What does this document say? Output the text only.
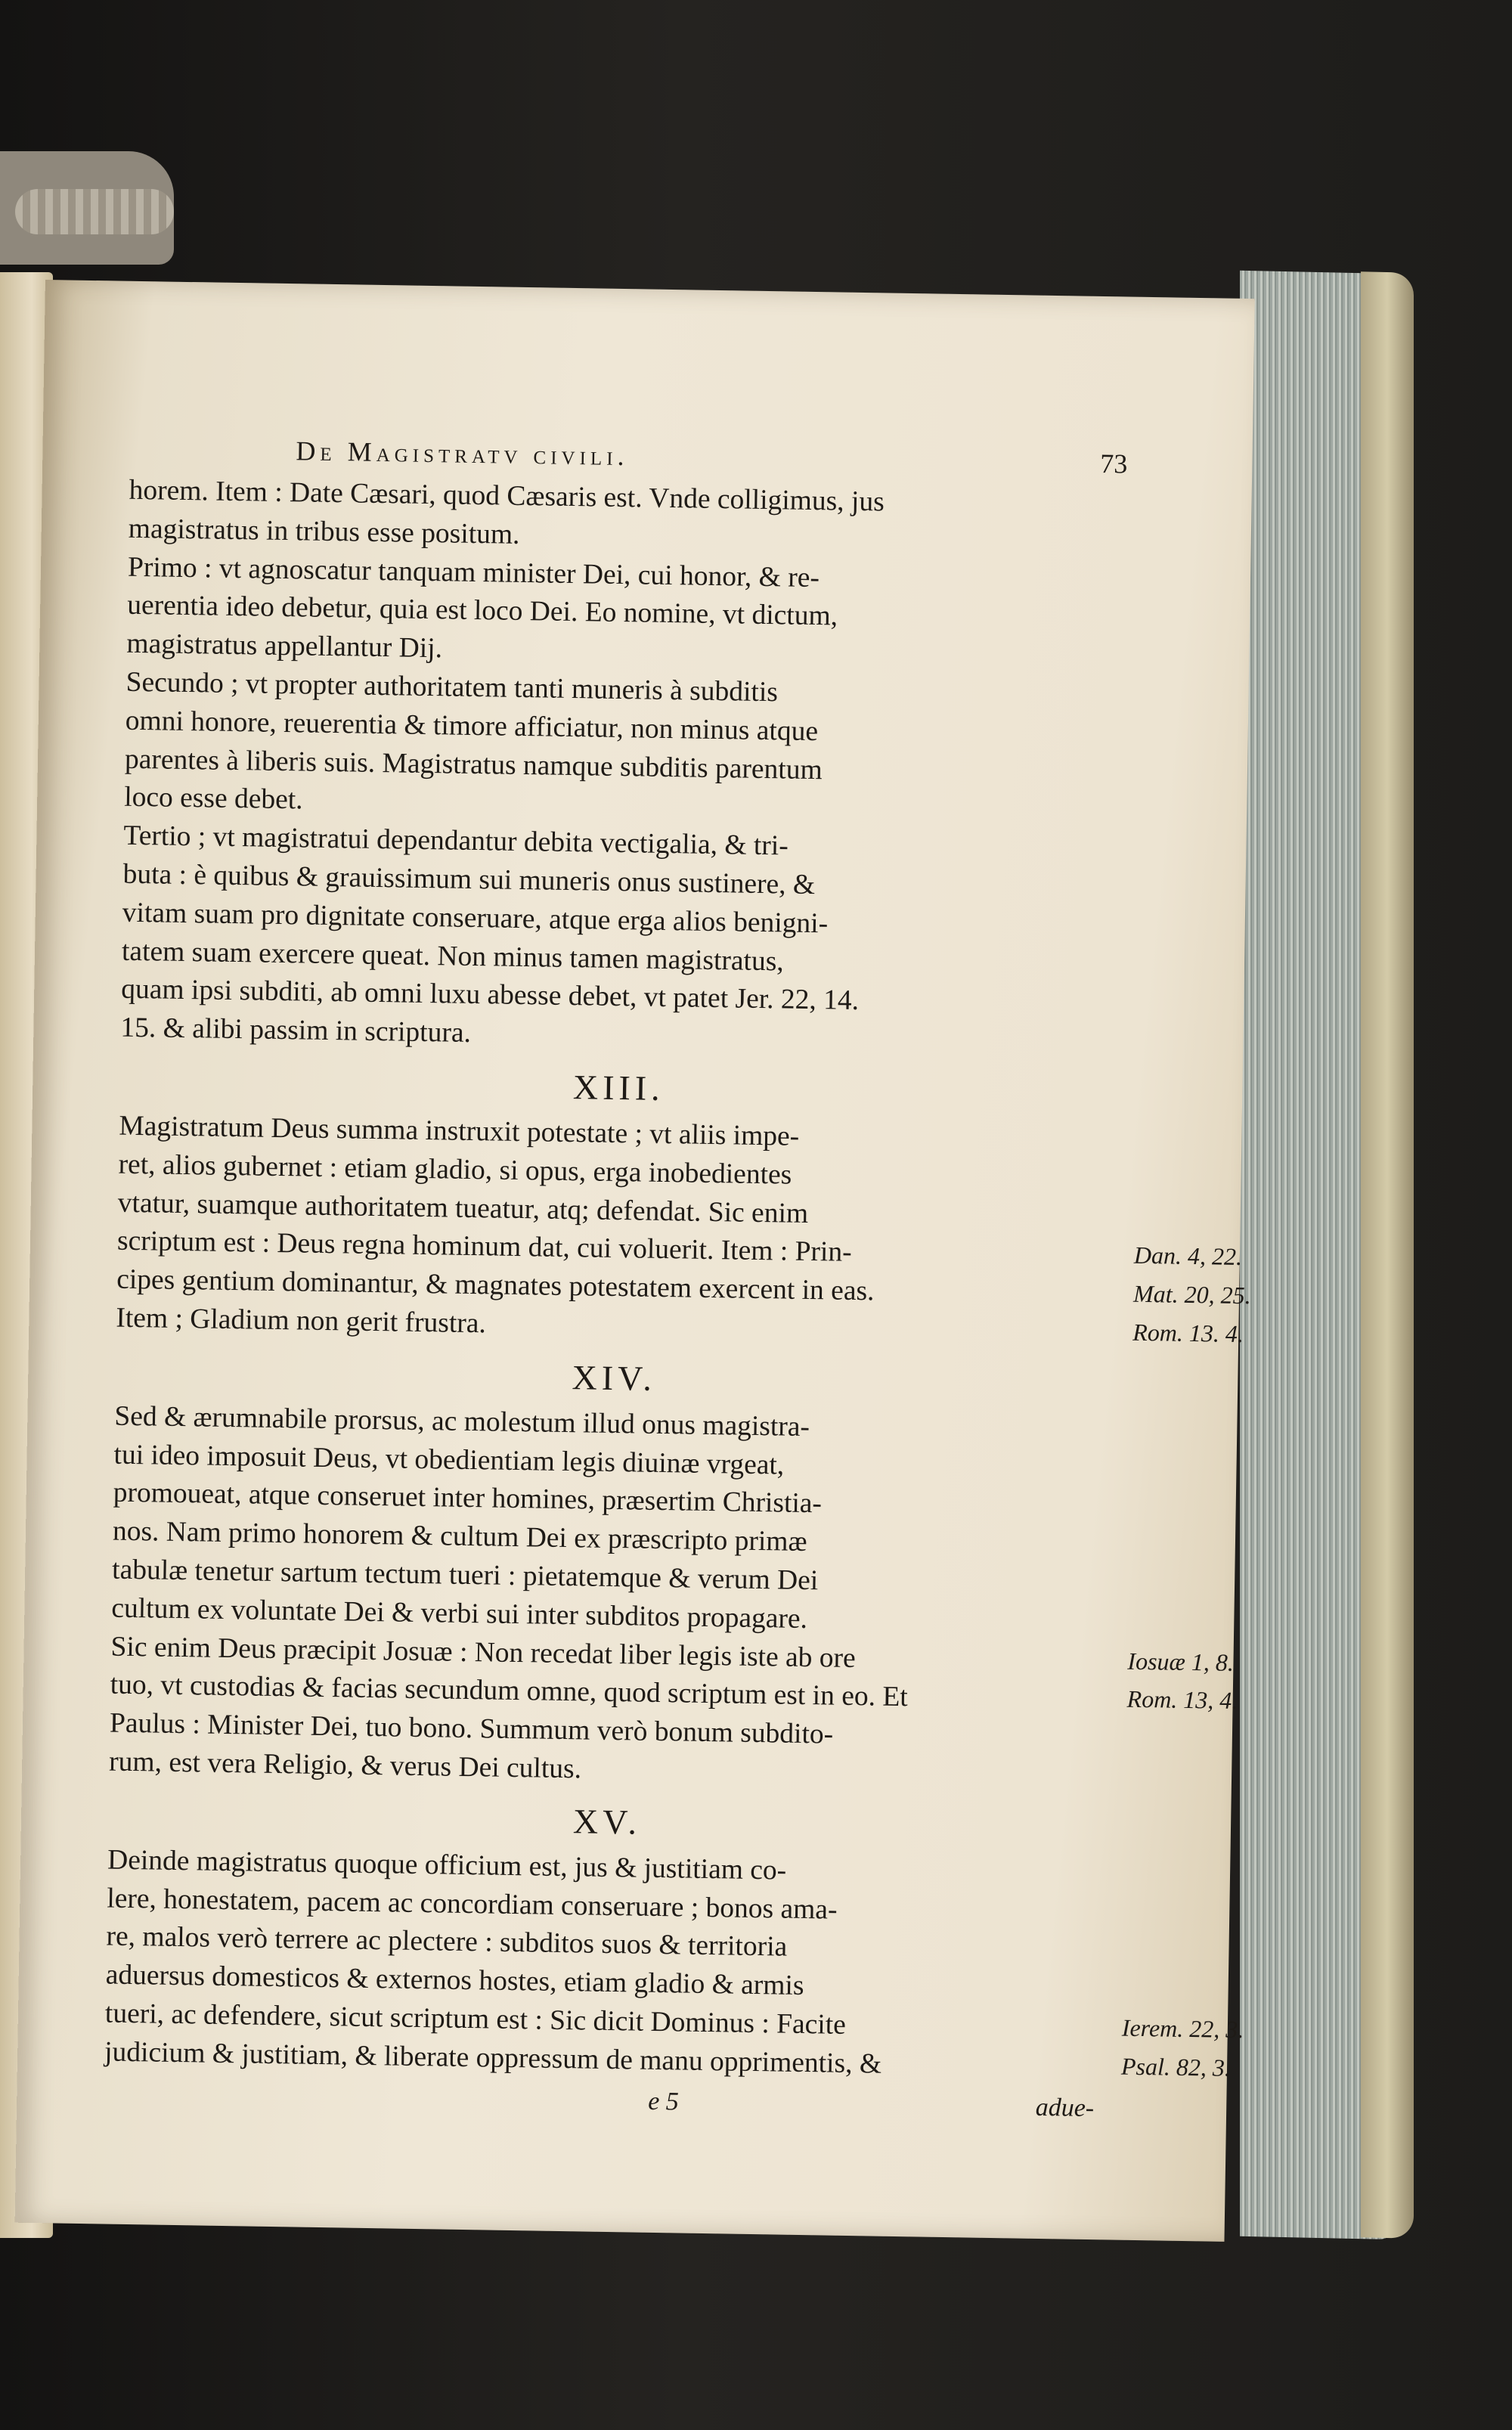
De Magistratv civili.	73

horem. Item : Date Cæsari, quod Cæsaris est. Vnde colligimus, jus

magistratus in tribus esse positum.

Primo : vt agnoscatur tanquam minister Dei, cui honor, & re-

uerentia ideo debetur, quia est loco Dei. Eo nomine, vt dictum,

magistratus appellantur Dij.

Secundo ; vt propter authoritatem tanti muneris à subditis

omni honore, reuerentia & timore afficiatur, non minus atque

parentes à liberis suis. Magistratus namque subditis parentum

loco esse debet.

Tertio ; vt magistratui dependantur debita vectigalia, & tri-

buta : è quibus & grauissimum sui muneris onus sustinere, &

vitam suam pro dignitate conseruare, atque erga alios benigni-

tatem suam exercere queat. Non minus tamen magistratus,

quam ipsi subditi, ab omni luxu abesse debet, vt patet Jer. 22, 14.

15. & alibi passim in scriptura.

XIII.

Magistratum Deus summa instruxit potestate ; vt aliis impe-

ret, alios gubernet : etiam gladio, si opus, erga inobedientes

vtatur, suamque authoritatem tueatur, atq; defendat. Sic enim

scriptum est : Deus regna hominum dat, cui voluerit. Item : Prin-	Dan. 4, 22.

cipes gentium dominantur, & magnates potestatem exercent in eas.	Mat. 20, 25.

Item ; Gladium non gerit frustra.	Rom. 13. 4.
XIV.

Sed & ærumnabile prorsus, ac molestum illud onus magistra-

tui ideo imposuit Deus, vt obedientiam legis diuinæ vrgeat,

promoueat, atque conseruet inter homines, præsertim Christia-

nos. Nam primo honorem & cultum Dei ex præscripto primæ

tabulæ tenetur sartum tectum tueri : pietatemque & verum Dei

cultum ex voluntate Dei & verbi sui inter subditos propagare.

Sic enim Deus præcipit Josuæ : Non recedat liber legis iste ab ore	Iosuæ 1, 8.

tuo, vt custodias & facias secundum omne, quod scriptum est in eo. Et	Rom. 13, 4.

Paulus : Minister Dei, tuo bono. Summum verò bonum subdito-

rum, est vera Religio, & verus Dei cultus.

XV.

Deinde magistratus quoque officium est, jus & justitiam co-

lere, honestatem, pacem ac concordiam conseruare ; bonos ama-

re, malos verò terrere ac plectere : subditos suos & territoria

aduersus domesticos & externos hostes, etiam gladio & armis

tueri, ac defendere, sicut scriptum est : Sic dicit Dominus : Facite	Ierem. 22, 3.

judicium & justitiam, & liberate oppressum de manu opprimentis, &	Psal. 82, 3.
e 5	adue-
